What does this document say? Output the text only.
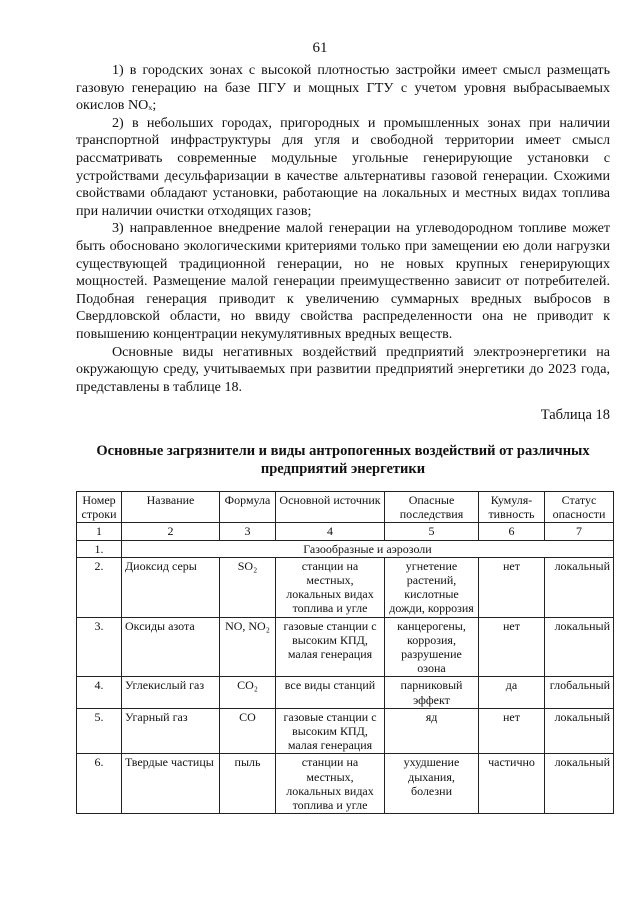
61

1) в городских зонах с высокой плотностью застройки имеет смысл размещать газовую генерацию на базе ПГУ и мощных ГТУ с учетом уровня выбрасываемых окислов NOₓ;

2) в небольших городах, пригородных и промышленных зонах при наличии транспортной инфраструктуры для угля и свободной территории имеет смысл рассматривать современные модульные угольные генерирующие установки с устройствами десульфаризации в качестве альтернативы газовой генерации. Схожими свойствами обладают установки, работающие на локальных и местных видах топлива при наличии очистки отходящих газов;

3) направленное внедрение малой генерации на углеводородном топливе может быть обосновано экологическими критериями только при замещении ею доли нагрузки существующей традиционной генерации, но не новых крупных генерирующих мощностей. Размещение малой генерации преимущественно зависит от потребителей. Подобная генерация приводит к увеличению суммарных вредных выбросов в Свердловской области, но ввиду свойства распределенности она не приводит к повышению концентрации некумулятивных вредных веществ.

Основные виды негативных воздействий предприятий электроэнергетики на окружающую среду, учитываемых при развитии предприятий энергетики до 2023 года, представлены в таблице 18.

Таблица 18
Основные загрязнители и виды антропогенных воздействий от различных предприятий энергетики
Номер строки	Название	Формула	Основной источник	Опасные последствия	Кумуля-тивность	Статус опасности
1	2	3	4	5	6	7
1.	Газообразные и аэрозоли					
2.	Диоксид серы	SO₂	станции на местных, локальных видах топлива и угле	угнетение растений, кислотные дожди, коррозия	нет	локальный
3.	Оксиды азота	NO, NO₂	газовые станции с высоким КПД, малая генерация	канцерогены, коррозия, разрушение озона	нет	локальный
4.	Углекислый газ	CO₂	все виды станций	парниковый эффект	да	глобальный
5.	Угарный газ	CO	газовые станции с высоким КПД, малая генерация	яд	нет	локальный
6.	Твердые частицы	пыль	станции на местных, локальных видах топлива и угле	ухудшение дыхания, болезни	частично	локальный
